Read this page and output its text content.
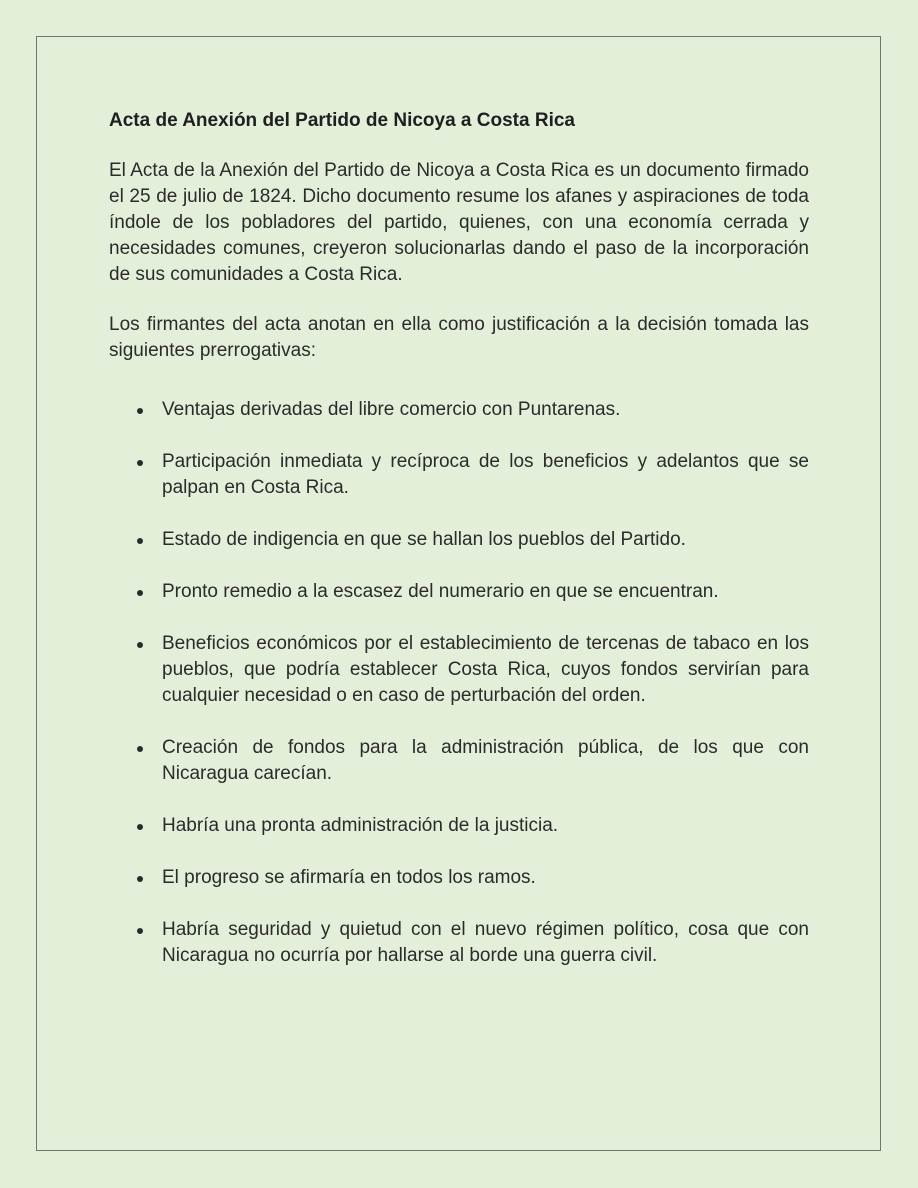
Acta de Anexión del Partido de Nicoya a Costa Rica

El Acta de la Anexión del Partido de Nicoya a Costa Rica es un documento firmado el 25 de julio de 1824. Dicho documento resume los afanes y aspiraciones de toda índole de los pobladores del partido, quienes, con una economía cerrada y necesidades comunes, creyeron solucionarlas dando el paso de la incorporación de sus comunidades a Costa Rica.

Los firmantes del acta anotan en ella como justificación a la decisión tomada las siguientes prerrogativas:

Ventajas derivadas del libre comercio con Puntarenas.
Participación inmediata y recíproca de los beneficios y adelantos que se palpan en Costa Rica.
Estado de indigencia en que se hallan los pueblos del Partido.
Pronto remedio a la escasez del numerario en que se encuentran.
Beneficios económicos por el establecimiento de tercenas de tabaco en los pueblos, que podría establecer Costa Rica, cuyos fondos servirían para cualquier necesidad o en caso de perturbación del orden.
Creación de fondos para la administración pública, de los que con Nicaragua carecían.
Habría una pronta administración de la justicia.
El progreso se afirmaría en todos los ramos.
Habría seguridad y quietud con el nuevo régimen político, cosa que con Nicaragua no ocurría por hallarse al borde una guerra civil.
